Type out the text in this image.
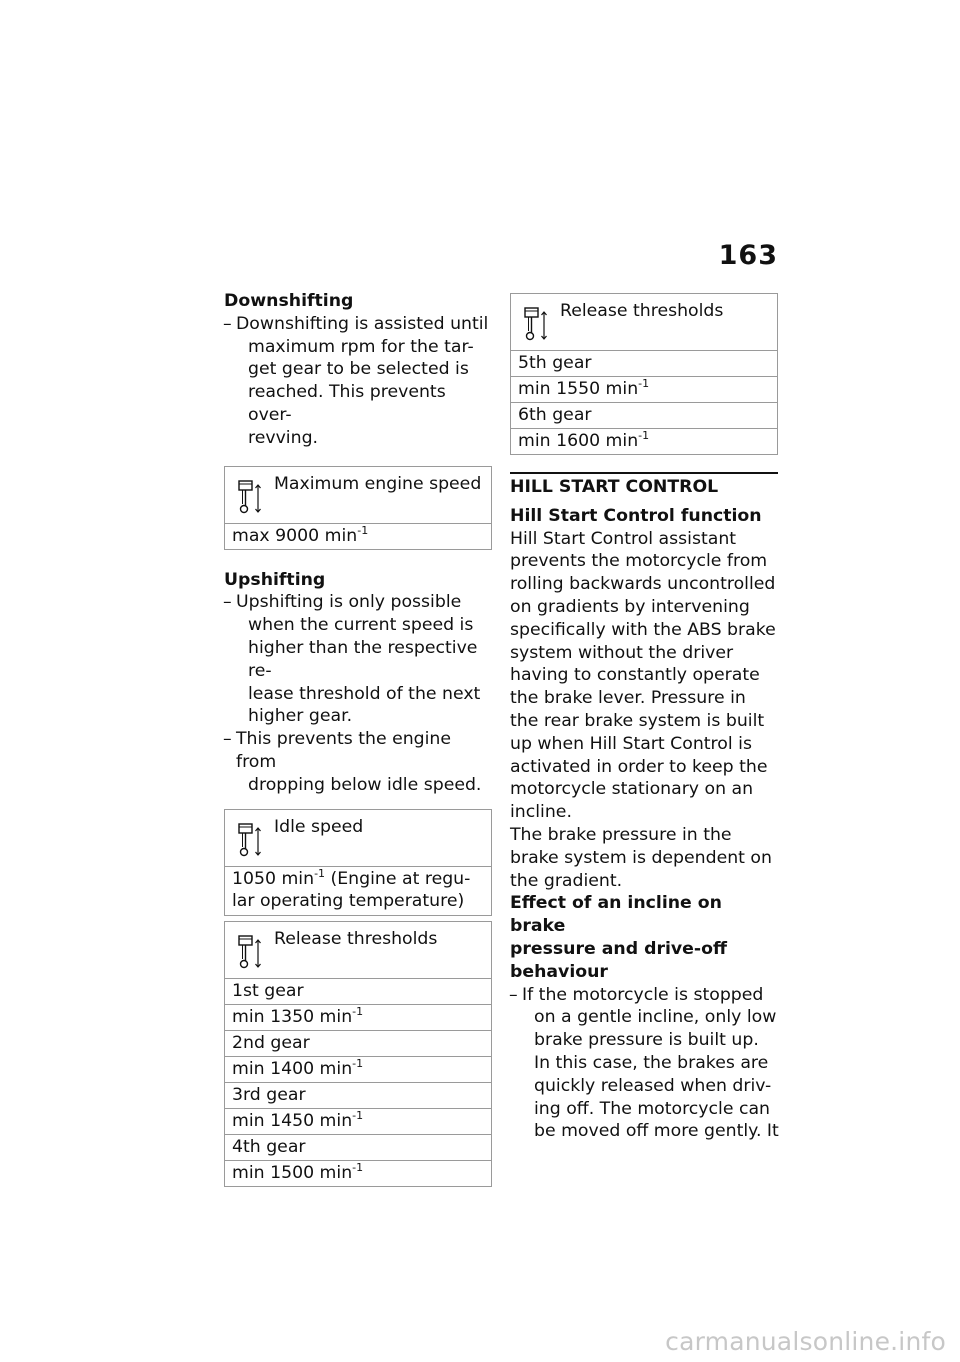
163
Downshifting
– Downshifting is assisted until
maximum rpm for the tar-
get gear to be selected is
reached. This prevents over-
revving.
Maximum engine speed
max 9000 $\min^{-1}$
Upshifting
– Upshifting is only possible
when the current speed is
higher than the respective re-
lease threshold of the next
higher gear.
– This prevents the engine from
dropping below idle speed.
Idle speed
1050 $\min^{-1}$ (Engine at regu-
lar operating temperature)
Release thresholds
1st gear
min 1350 $\min^{-1}$
2nd gear
min 1400 $\min^{-1}$
3rd gear
min 1450 $\min^{-1}$
4th gear
min 1500 $\min^{-1}$
Release thresholds
5th gear
min 1550 $\min^{-1}$
6th gear
min 1600 $\min^{-1}$
HILL START CONTROL
Hill Start Control function
Hill Start Control assistant
prevents the motorcycle from
rolling backwards uncontrolled
on gradients by intervening
specifically with the ABS brake
system without the driver
having to constantly operate
the brake lever. Pressure in
the rear brake system is built
up when Hill Start Control is
activated in order to keep the
motorcycle stationary on an
incline.
The brake pressure in the
brake system is dependent on
the gradient.
Effect of an incline on brake
pressure and drive-off
behaviour
– If the motorcycle is stopped
on a gentle incline, only low
brake pressure is built up.
In this case, the brakes are
quickly released when driv-
ing off. The motorcycle can
be moved off more gently. It
carmanualsonline.info
